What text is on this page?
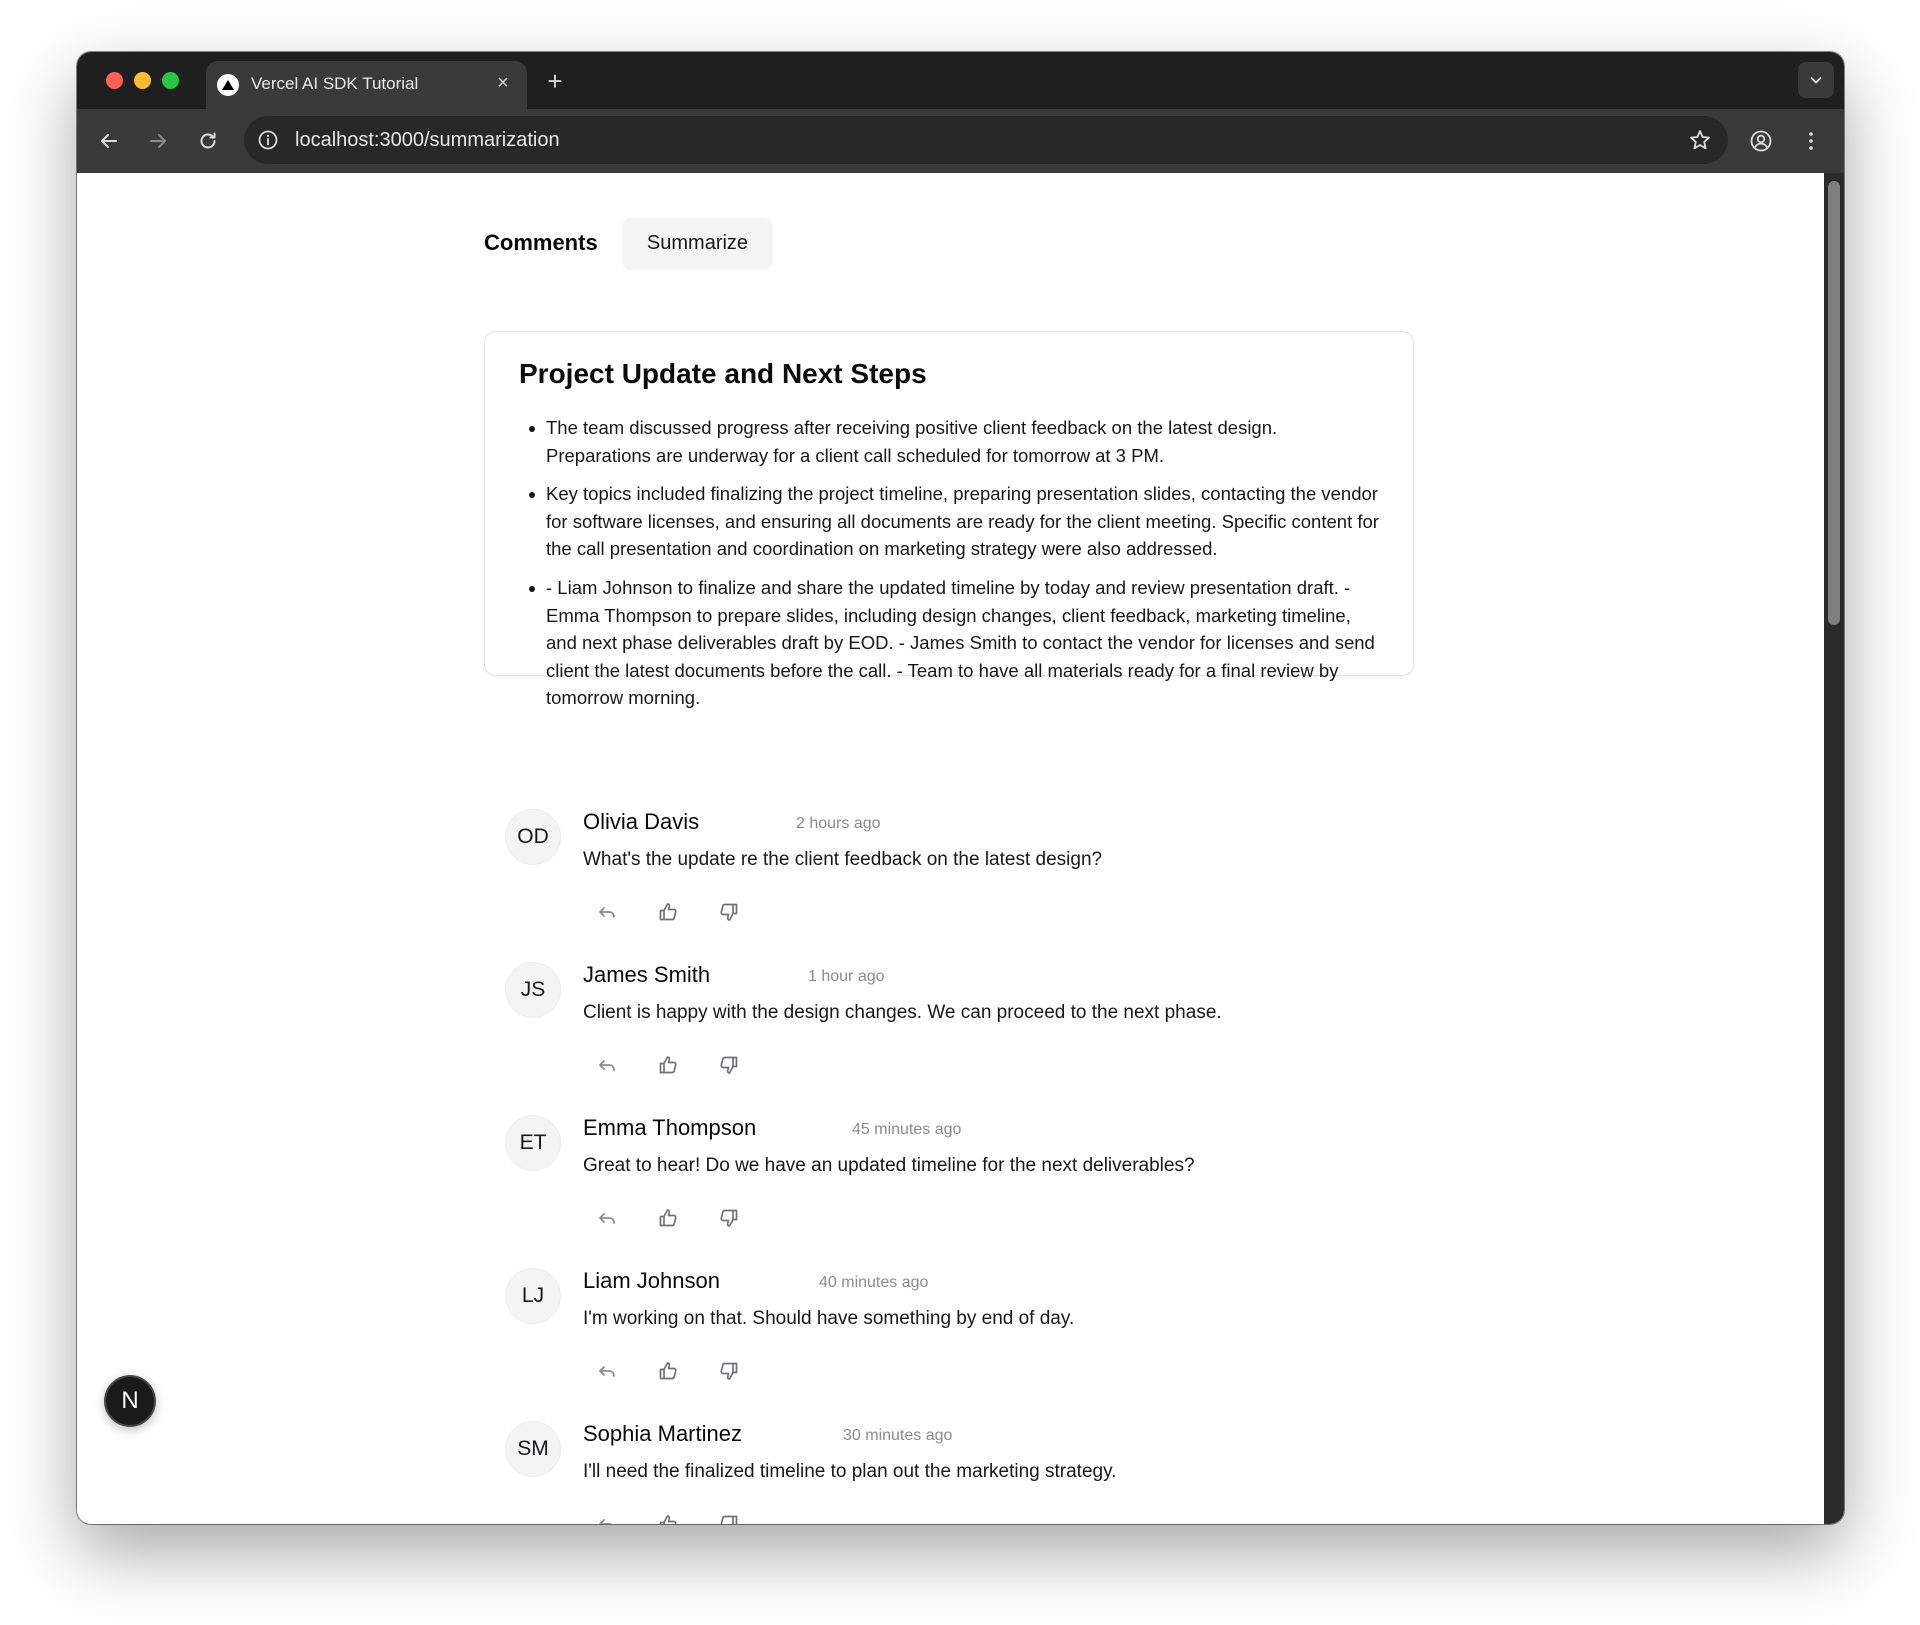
Vercel AI SDK Tutorial	× +
localhost:3000/summarization
Comments	Summarize
Project Update and Next Steps
The team discussed progress after receiving positive client feedback on the latest design. Preparations are underway for a client call scheduled for tomorrow at 3 PM.
Key topics included finalizing the project timeline, preparing presentation slides, contacting the vendor for software licenses, and ensuring all documents are ready for the client meeting. Specific content for the call presentation and coordination on marketing strategy were also addressed.
- Liam Johnson to finalize and share the updated timeline by today and review presentation draft. - Emma Thompson to prepare slides, including design changes, client feedback, marketing timeline, and next phase deliverables draft by EOD. - James Smith to contact the vendor for licenses and send client the latest documents before the call. - Team to have all materials ready for a final review by tomorrow morning.
OD
Olivia Davis	2 hours ago
What's the update re the client feedback on the latest design?
JS
James Smith	1 hour ago
Client is happy with the design changes. We can proceed to the next phase.
ET
Emma Thompson	45 minutes ago
Great to hear! Do we have an updated timeline for the next deliverables?
LJ
Liam Johnson	40 minutes ago
I'm working on that. Should have something by end of day.
SM
Sophia Martinez	30 minutes ago
I'll need the finalized timeline to plan out the marketing strategy.
N
